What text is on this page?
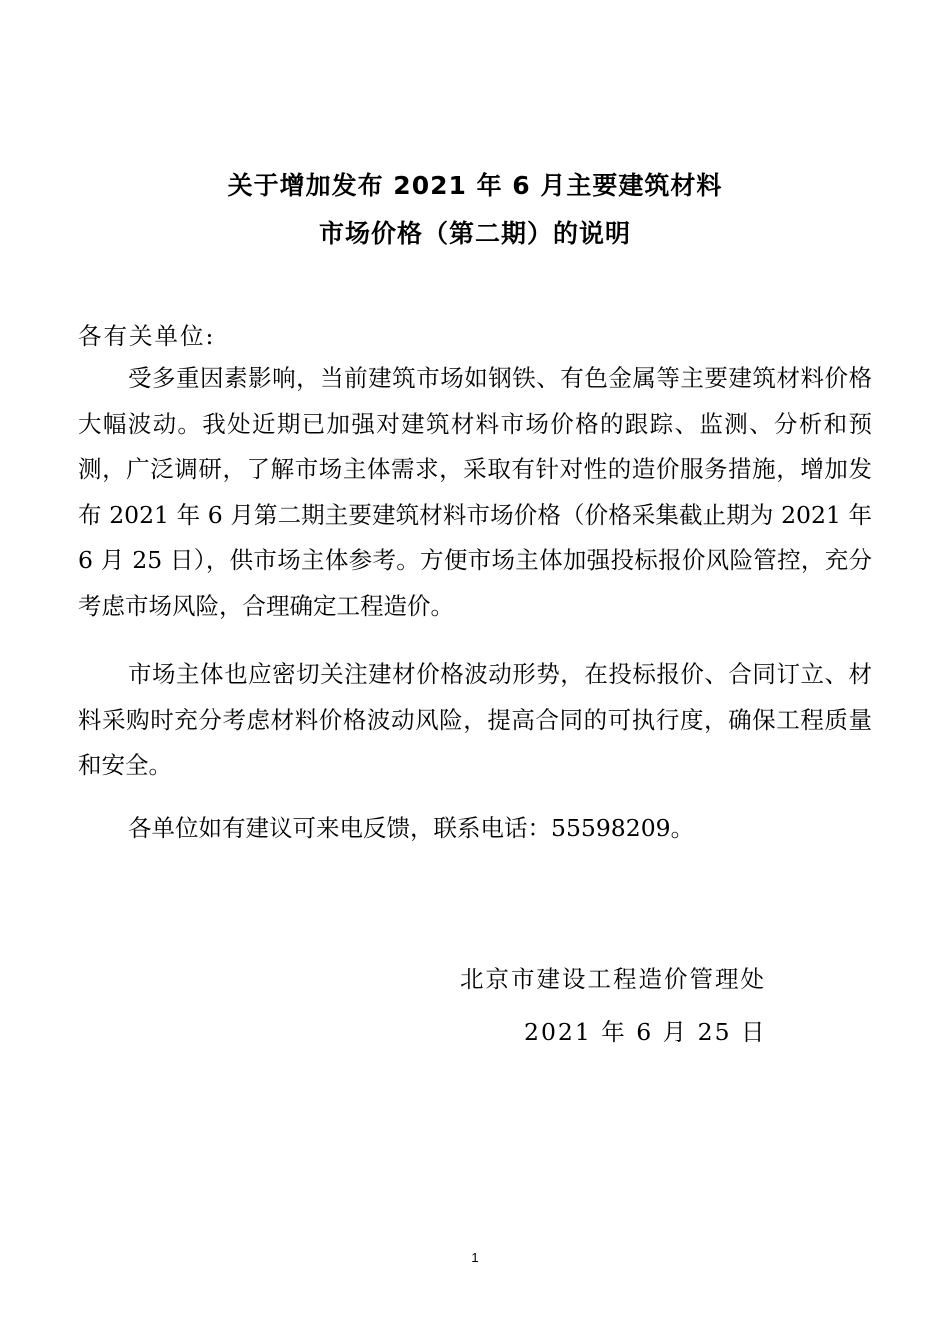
关于增加发布 2021 年 6 月主要建筑材料
市场价格（第二期）的说明
各有关单位:
受多重因素影响，当前建筑市场如钢铁、有色金属等主要建筑材料价格大幅波动。我处近期已加强对建筑材料市场价格的跟踪、监测、分析和预测，广泛调研，了解市场主体需求，采取有针对性的造价服务措施，增加发布 2021 年 6 月第二期主要建筑材料市场价格（价格采集截止期为 2021 年 6 月 25 日），供市场主体参考。方便市场主体加强投标报价风险管控，充分考虑市场风险，合理确定工程造价。
市场主体也应密切关注建材价格波动形势，在投标报价、合同订立、材料采购时充分考虑材料价格波动风险，提高合同的可执行度，确保工程质量和安全。
各单位如有建议可来电反馈，联系电话：55598209。
北京市建设工程造价管理处
2021 年 6 月 25 日
1
